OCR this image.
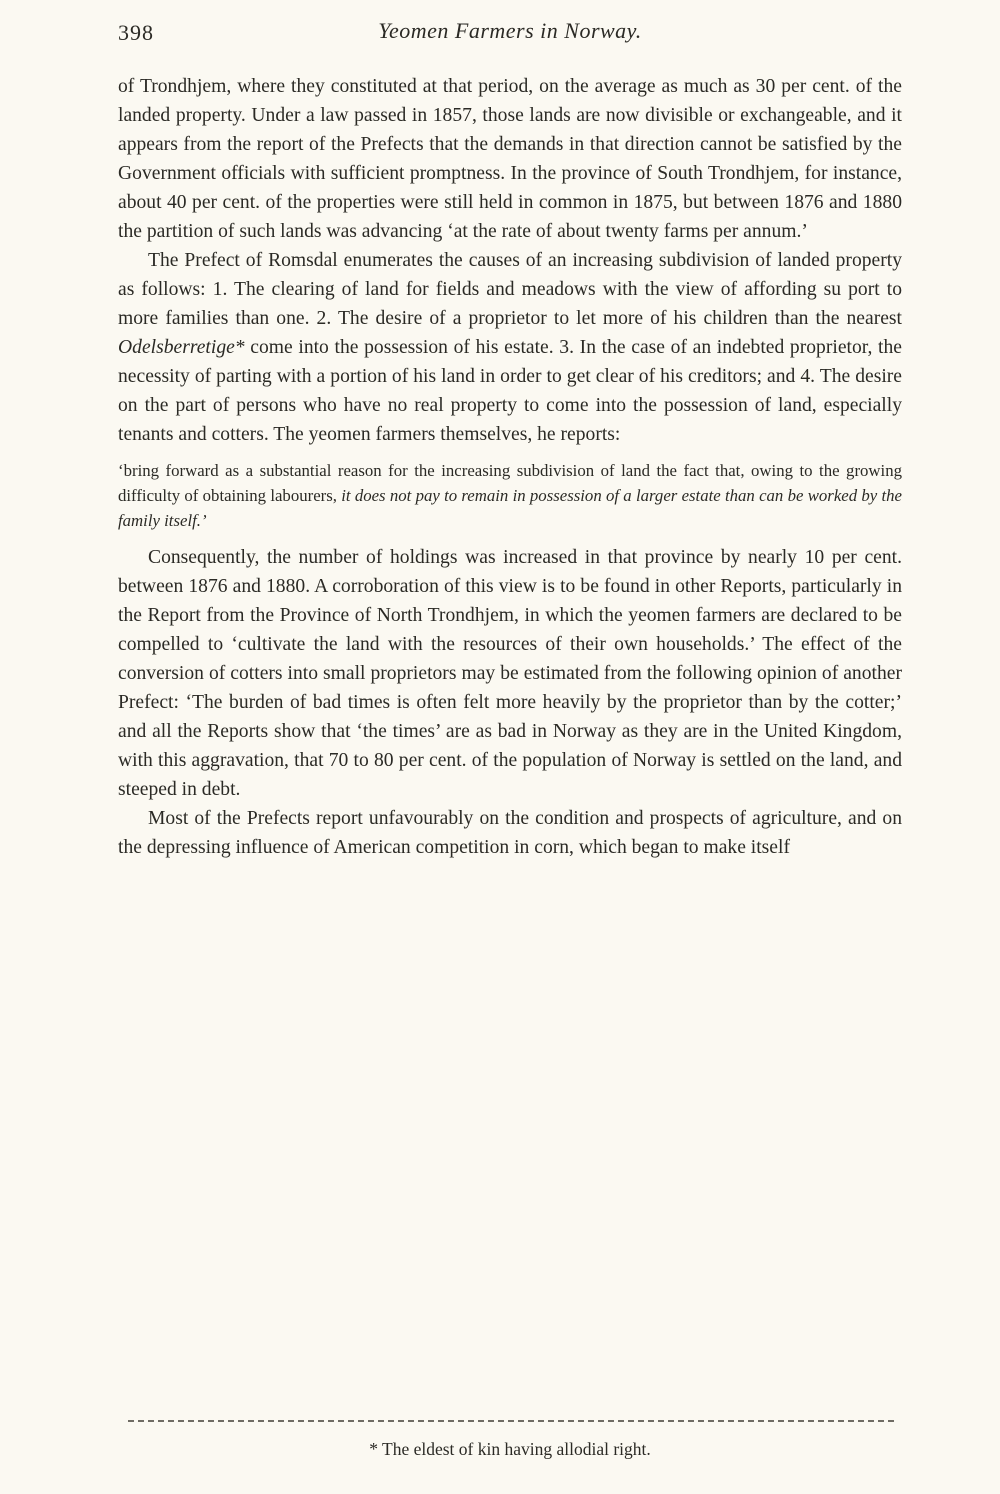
398	Yeomen Farmers in Norway.

of Trondhjem, where they constituted at that period, on the average as much as 30 per cent. of the landed property. Under a law passed in 1857, those lands are now divisible or exchangeable, and it appears from the report of the Prefects that the demands in that direction cannot be satisfied by the Government officials with sufficient promptness. In the province of South Trondhjem, for instance, about 40 per cent. of the properties were still held in common in 1875, but between 1876 and 1880 the partition of such lands was advancing ‘at the rate of about twenty farms per annum.’

The Prefect of Romsdal enumerates the causes of an increasing subdivision of landed property as follows: 1. The clearing of land for fields and meadows with the view of affording su port to more families than one. 2. The desire of a proprietor to let more of his children than the nearest Odelsberretige* come into the possession of his estate. 3. In the case of an indebted proprietor, the necessity of parting with a portion of his land in order to get clear of his creditors; and 4. The desire on the part of persons who have no real property to come into the possession of land, especially tenants and cotters. The yeomen farmers themselves, he reports:

‘bring forward as a substantial reason for the increasing subdivision of land the fact that, owing to the growing difficulty of obtaining labourers, it does not pay to remain in possession of a larger estate than can be worked by the family itself.’

Consequently, the number of holdings was increased in that province by nearly 10 per cent. between 1876 and 1880. A corroboration of this view is to be found in other Reports, particularly in the Report from the Province of North Trondhjem, in which the yeomen farmers are declared to be compelled to ‘cultivate the land with the resources of their own households.’ The effect of the conversion of cotters into small proprietors may be estimated from the following opinion of another Prefect: ‘The burden of bad times is often felt more heavily by the proprietor than by the cotter;’ and all the Reports show that ‘the times’ are as bad in Norway as they are in the United Kingdom, with this aggravation, that 70 to 80 per cent. of the population of Norway is settled on the land, and steeped in debt.

Most of the Prefects report unfavourably on the condition and prospects of agriculture, and on the depressing influence of American competition in corn, which began to make itself

* The eldest of kin having allodial right.
